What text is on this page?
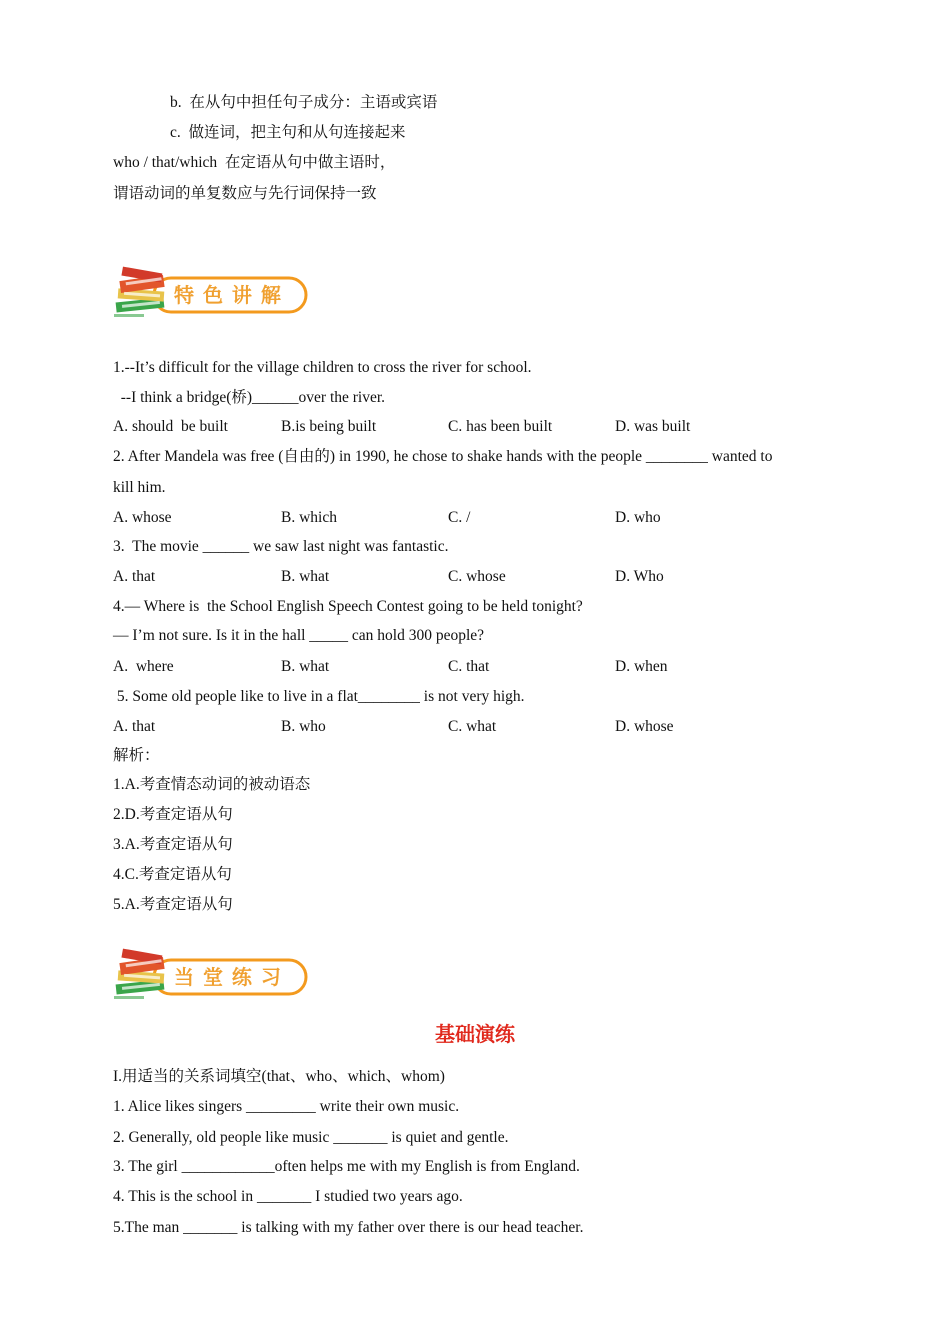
b.  在从句中担任句子成分：主语或宾语
c.  做连词，把主句和从句连接起来
who / that/which  在定语从句中做主语时，
谓语动词的单复数应与先行词保持一致
特 色 讲 解
1.--It’s difficult for the village children to cross the river for school.
--I think a bridge(桥)______over the river.
A. should  be built	B.is being built	C. has been built	D. was built
2. After Mandela was free (自由的) in 1990, he chose to shake hands with the people ________ wanted to
kill him.
A. whose	B. which	C. /	D. who
3.  The movie ______ we saw last night was fantastic.
A. that	B. what	C. whose	D. Who
4.— Where is  the School English Speech Contest going to be held tonight?
— I’m not sure. Is it in the hall _____ can hold 300 people?
A.  where	B. what	C. that	D. when
5. Some old people like to live in a flat________ is not very high.
A. that	B. who	C. what	D. whose
解析：
1.A.考查情态动词的被动语态
2.D.考查定语从句
3.A.考查定语从句
4.C.考查定语从句
5.A.考查定语从句
当 堂 练 习
基础演练
I.用适当的关系词填空(that、who、which、whom)
1. Alice likes singers _________ write their own music.
2. Generally, old people like music _______ is quiet and gentle.
3. The girl ____________often helps me with my English is from England.
4. This is the school in _______ I studied two years ago.
5.The man _______ is talking with my father over there is our head teacher.
